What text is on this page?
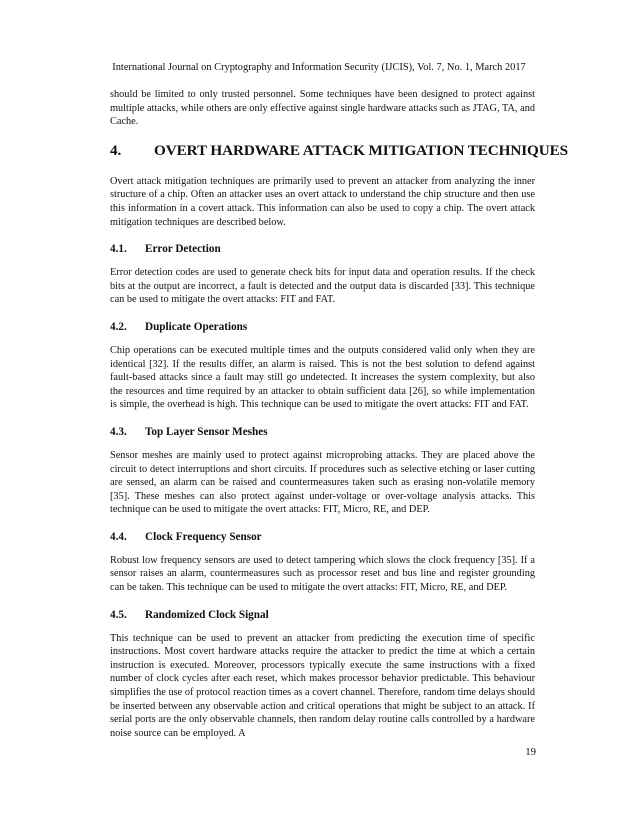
International Journal on Cryptography and Information Security (IJCIS), Vol. 7, No. 1, March 2017

should be limited to only trusted personnel. Some techniques have been designed to protect against multiple attacks, while others are only effective against single hardware attacks such as JTAG, TA, and Cache.

4. OVERT HARDWARE ATTACK MITIGATION TECHNIQUES

Overt attack mitigation techniques are primarily used to prevent an attacker from analyzing the inner structure of a chip. Often an attacker uses an overt attack to understand the chip structure and then use this information in a covert attack. This information can also be used to copy a chip. The overt attack mitigation techniques are described below.

4.1. Error Detection

Error detection codes are used to generate check bits for input data and operation results. If the check bits at the output are incorrect, a fault is detected and the output data is discarded [33]. This technique can be used to mitigate the overt attacks: FIT and FAT.

4.2. Duplicate Operations

Chip operations can be executed multiple times and the outputs considered valid only when they are identical [32]. If the results differ, an alarm is raised. This is not the best solution to defend against fault-based attacks since a fault may still go undetected. It increases the system complexity, but also the resources and time required by an attacker to obtain sufficient data [26], so while implementation is simple, the overhead is high. This technique can be used to mitigate the overt attacks: FIT and FAT.

4.3. Top Layer Sensor Meshes

Sensor meshes are mainly used to protect against microprobing attacks. They are placed above the circuit to detect interruptions and short circuits. If procedures such as selective etching or laser cutting are sensed, an alarm can be raised and countermeasures taken such as erasing non-volatile memory [35]. These meshes can also protect against under-voltage or over-voltage analysis attacks. This technique can be used to mitigate the overt attacks: FIT, Micro, RE, and DEP.

4.4. Clock Frequency Sensor

Robust low frequency sensors are used to detect tampering which slows the clock frequency [35]. If a sensor raises an alarm, countermeasures such as processor reset and bus line and register grounding can be taken. This technique can be used to mitigate the overt attacks: FIT, Micro, RE, and DEP.

4.5. Randomized Clock Signal

This technique can be used to prevent an attacker from predicting the execution time of specific instructions. Most covert hardware attacks require the attacker to predict the time at which a certain instruction is executed. Moreover, processors typically execute the same instructions with a fixed number of clock cycles after each reset, which makes processor behavior predictable. This behaviour simplifies the use of protocol reaction times as a covert channel. Therefore, random time delays should be inserted between any observable action and critical operations that might be subject to an attack. If serial ports are the only observable channels, then random delay routine calls controlled by a hardware noise source can be employed. A

19
